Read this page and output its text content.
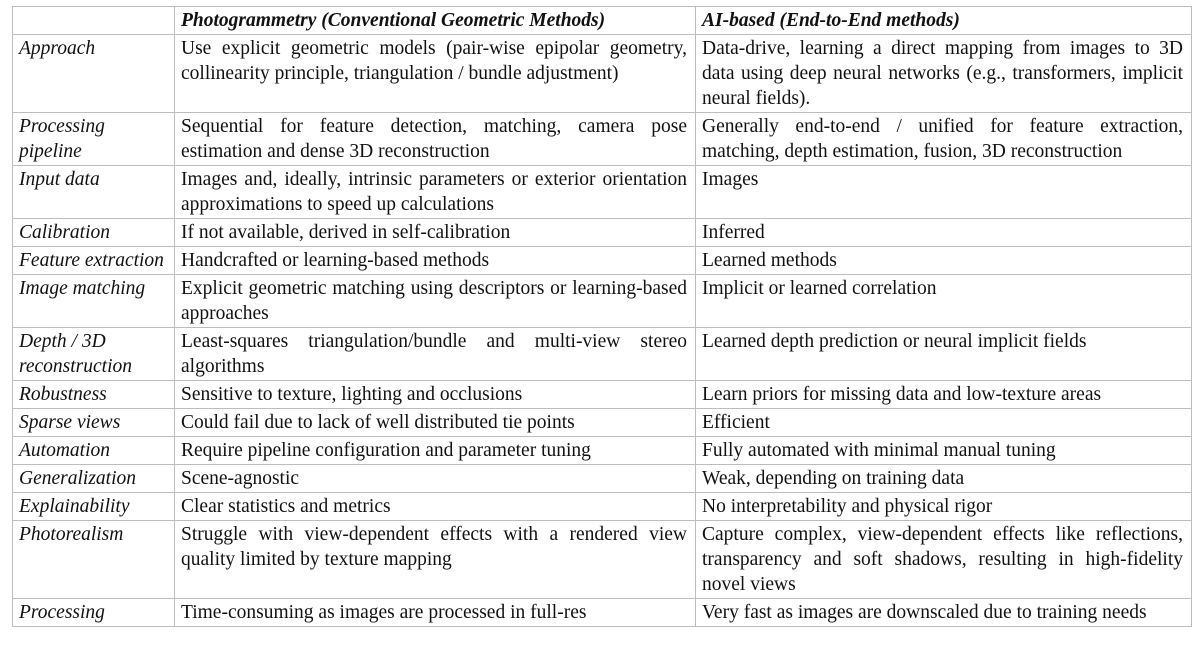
	Photogrammetry (Conventional Geometric Methods)	AI-based (End-to-End methods)
Approach	Use explicit geometric models (pair-wise epipolar geometry, collinearity principle, triangulation / bundle adjustment)	Data-drive, learning a direct mapping from images to 3D data using deep neural networks (e.g., transformers, implicit neural fields).
Processing pipeline	Sequential for feature detection, matching, camera pose estimation and dense 3D reconstruction	Generally end-to-end / unified for feature extraction, matching, depth estimation, fusion, 3D reconstruction
Input data	Images and, ideally, intrinsic parameters or exterior orientation approximations to speed up calculations	Images
Calibration	If not available, derived in self-calibration	Inferred
Feature extraction	Handcrafted or learning-based methods	Learned methods
Image matching	Explicit geometric matching using descriptors or learning-based approaches	Implicit or learned correlation
Depth / 3D reconstruction	Least-squares triangulation/bundle and multi-view stereo algorithms	Learned depth prediction or neural implicit fields
Robustness	Sensitive to texture, lighting and occlusions	Learn priors for missing data and low-texture areas
Sparse views	Could fail due to lack of well distributed tie points	Efficient
Automation	Require pipeline configuration and parameter tuning	Fully automated with minimal manual tuning
Generalization	Scene-agnostic	Weak, depending on training data
Explainability	Clear statistics and metrics	No interpretability and physical rigor
Photorealism	Struggle with view-dependent effects with a rendered view quality limited by texture mapping	Capture complex, view-dependent effects like reflections, transparency and soft shadows, resulting in high-fidelity novel views
Processing	Time-consuming as images are processed in full-res	Very fast as images are downscaled due to training needs
